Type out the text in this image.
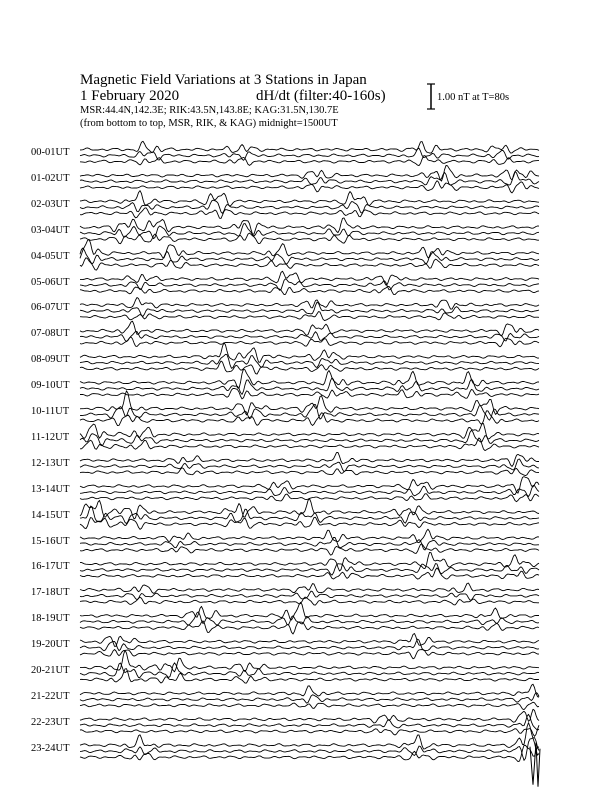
Magnetic Field Variations at 3 Stations in Japan
1 February 2020	dH/dt (filter:40-160s)
MSR:44.4N,142.3E; RIK:43.5N,143.8E; KAG:31.5N,130.7E
(from bottom to top, MSR, RIK, & KAG) midnight=1500UT
1.00 nT at T=80s
00-01UT
01-02UT
02-03UT
03-04UT
04-05UT
05-06UT
06-07UT
07-08UT
08-09UT
09-10UT
10-11UT
11-12UT
12-13UT
13-14UT
14-15UT
15-16UT
16-17UT
17-18UT
18-19UT
19-20UT
20-21UT
21-22UT
22-23UT
23-24UT
